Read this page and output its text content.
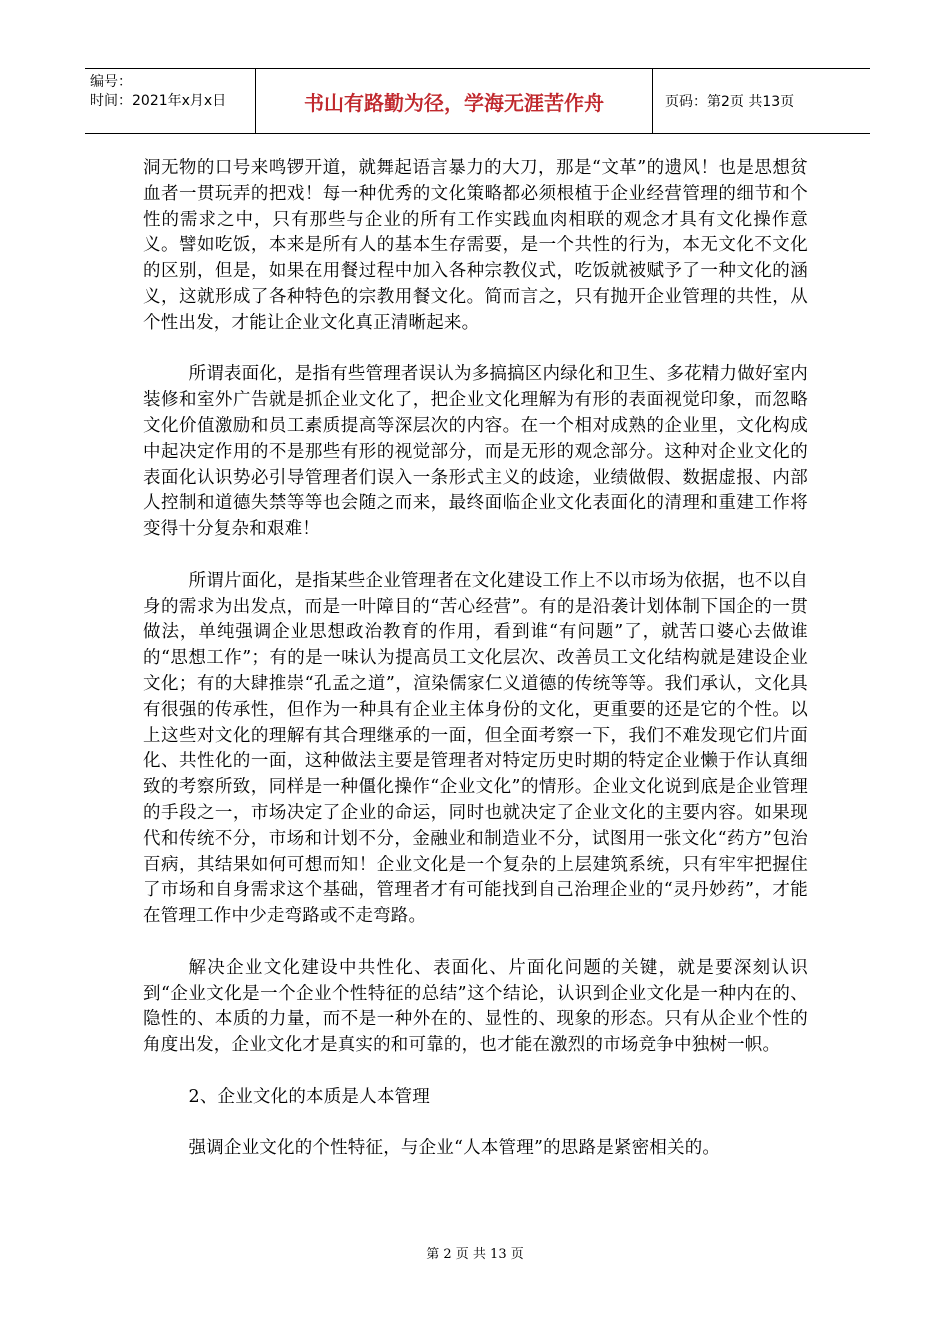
编号：
时间：2021年x月x日	书山有路勤为径，学海无涯苦作舟	页码：第2页 共13页

洞无物的口号来鸣锣开道，就舞起语言暴力的大刀，那是“文革”的遗风！也是思想贫血者一贯玩弄的把戏！每一种优秀的文化策略都必须根植于企业经营管理的细节和个性的需求之中，只有那些与企业的所有工作实践血肉相联的观念才具有文化操作意义。譬如吃饭，本来是所有人的基本生存需要，是一个共性的行为，本无文化不文化的区别，但是，如果在用餐过程中加入各种宗教仪式，吃饭就被赋予了一种文化的涵义，这就形成了各种特色的宗教用餐文化。简而言之，只有抛开企业管理的共性，从个性出发，才能让企业文化真正清晰起来。

所谓表面化，是指有些管理者误认为多搞搞区内绿化和卫生、多花精力做好室内装修和室外广告就是抓企业文化了，把企业文化理解为有形的表面视觉印象，而忽略文化价值激励和员工素质提高等深层次的内容。在一个相对成熟的企业里，文化构成中起决定作用的不是那些有形的视觉部分，而是无形的观念部分。这种对企业文化的表面化认识势必引导管理者们误入一条形式主义的歧途，业绩做假、数据虚报、内部人控制和道德失禁等等也会随之而来，最终面临企业文化表面化的清理和重建工作将变得十分复杂和艰难！

所谓片面化，是指某些企业管理者在文化建设工作上不以市场为依据，也不以自身的需求为出发点，而是一叶障目的“苦心经营”。有的是沿袭计划体制下国企的一贯做法，单纯强调企业思想政治教育的作用，看到谁“有问题”了，就苦口婆心去做谁的“思想工作”；有的是一味认为提高员工文化层次、改善员工文化结构就是建设企业文化；有的大肆推崇“孔孟之道”，渲染儒家仁义道德的传统等等。我们承认，文化具有很强的传承性，但作为一种具有企业主体身份的文化，更重要的还是它的个性。以上这些对文化的理解有其合理继承的一面，但全面考察一下，我们不难发现它们片面化、共性化的一面，这种做法主要是管理者对特定历史时期的特定企业懒于作认真细致的考察所致，同样是一种僵化操作“企业文化”的情形。企业文化说到底是企业管理的手段之一，市场决定了企业的命运，同时也就决定了企业文化的主要内容。如果现代和传统不分，市场和计划不分，金融业和制造业不分，试图用一张文化“药方”包治百病，其结果如何可想而知！企业文化是一个复杂的上层建筑系统，只有牢牢把握住了市场和自身需求这个基础，管理者才有可能找到自己治理企业的“灵丹妙药”，才能在管理工作中少走弯路或不走弯路。

解决企业文化建设中共性化、表面化、片面化问题的关键，就是要深刻认识到“企业文化是一个企业个性特征的总结”这个结论，认识到企业文化是一种内在的、隐性的、本质的力量，而不是一种外在的、显性的、现象的形态。只有从企业个性的角度出发，企业文化才是真实的和可靠的，也才能在激烈的市场竞争中独树一帜。

2、企业文化的本质是人本管理

强调企业文化的个性特征，与企业“人本管理”的思路是紧密相关的。

第 2 页 共 13 页
